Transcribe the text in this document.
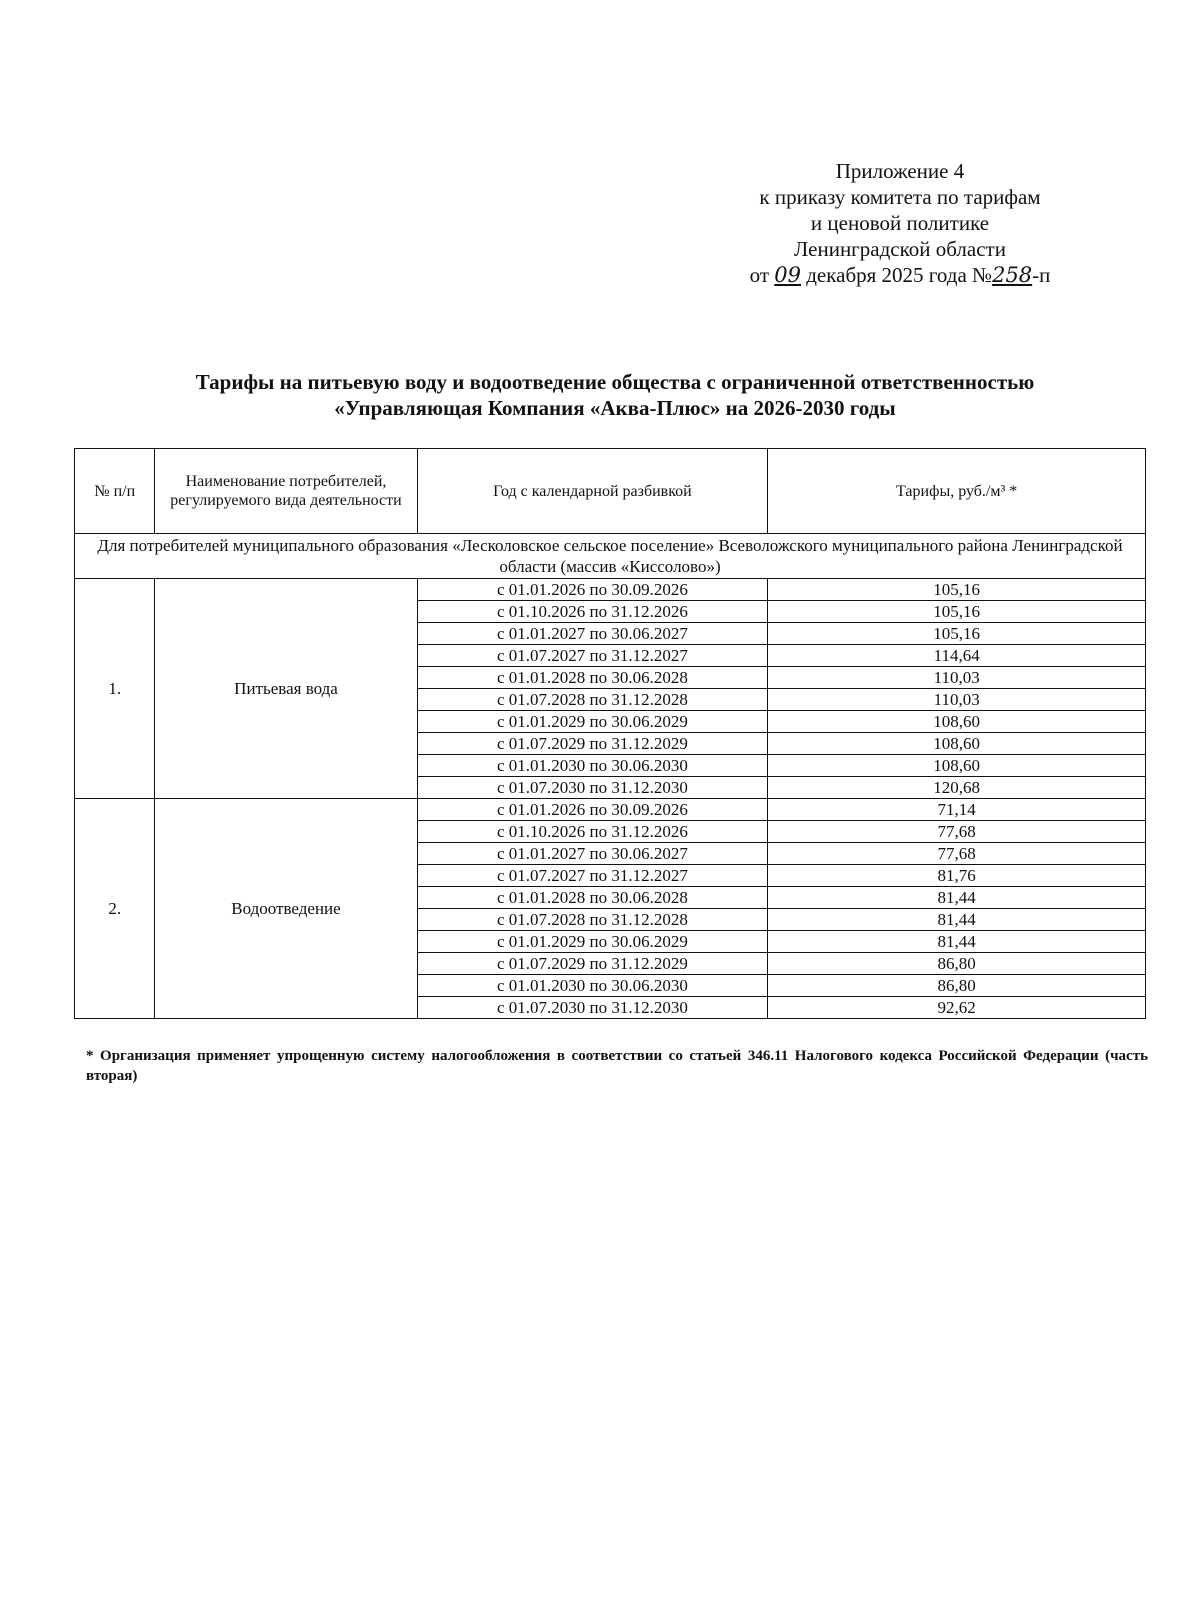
Приложение 4
к приказу комитета по тарифам
и ценовой политике
Ленинградской области
от 09 декабря 2025 года №258-п
Тарифы на питьевую воду и водоотведение общества с ограниченной ответственностью
«Управляющая Компания «Аква-Плюс» на 2026-2030 годы
№ п/п	Наименование потребителей, регулируемого вида деятельности	Год с календарной разбивкой	Тарифы, руб./м³ *
Для потребителей муниципального образования «Лесколовское сельское поселение» Всеволожского муниципального района Ленинградской области (массив «Киссолово»)			
1.	Питьевая вода	с 01.01.2026 по 30.09.2026	105,16
		с 01.10.2026 по 31.12.2026	105,16
		с 01.01.2027 по 30.06.2027	105,16
		с 01.07.2027 по 31.12.2027	114,64
		с 01.01.2028 по 30.06.2028	110,03
		с 01.07.2028 по 31.12.2028	110,03
		с 01.01.2029 по 30.06.2029	108,60
		с 01.07.2029 по 31.12.2029	108,60
		с 01.01.2030 по 30.06.2030	108,60
		с 01.07.2030 по 31.12.2030	120,68
2.	Водоотведение	с 01.01.2026 по 30.09.2026	71,14
		с 01.10.2026 по 31.12.2026	77,68
		с 01.01.2027 по 30.06.2027	77,68
		с 01.07.2027 по 31.12.2027	81,76
		с 01.01.2028 по 30.06.2028	81,44
		с 01.07.2028 по 31.12.2028	81,44
		с 01.01.2029 по 30.06.2029	81,44
		с 01.07.2029 по 31.12.2029	86,80
		с 01.01.2030 по 30.06.2030	86,80
		с 01.07.2030 по 31.12.2030	92,62
* Организация применяет упрощенную систему налогообложения в соответствии со статьей 346.11 Налогового кодекса Российской Федерации (часть вторая)
